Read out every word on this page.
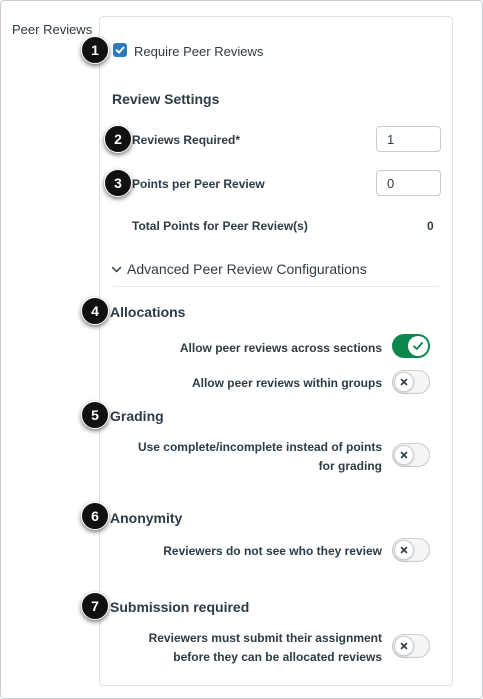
Peer Reviews
Require Peer Reviews
Review Settings
Reviews Required*
1
Points per Peer Review
0
Total Points for Peer Review(s)	0
Advanced Peer Review Configurations
Allocations
Allow peer reviews across sections
Allow peer reviews within groups
Grading
Use complete/incomplete instead of points
for grading
Anonymity
Reviewers do not see who they review
Submission required
Reviewers must submit their assignment
before they can be allocated reviews
1
2
3
4
5
6
7
